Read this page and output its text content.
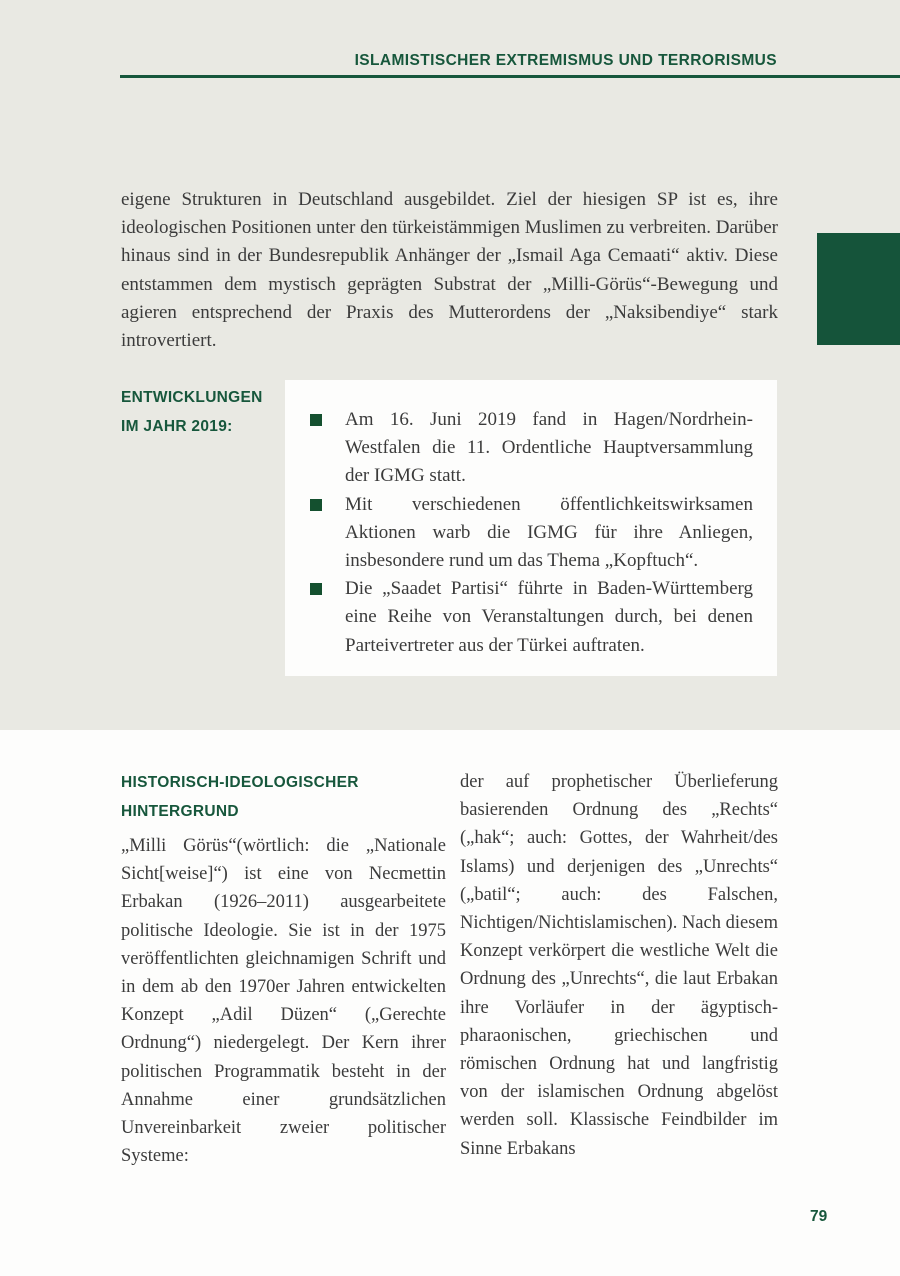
ISLAMISTISCHER EXTREMISMUS UND TERRORISMUS

eigene Strukturen in Deutschland ausgebildet. Ziel der hiesigen SP ist es, ihre ideologischen Positionen unter den türkeistämmigen Muslimen zu verbreiten. Darüber hinaus sind in der Bundesrepublik Anhänger der „Ismail Aga Cemaati“ aktiv. Diese entstammen dem mystisch geprägten Substrat der „Milli-Görüs“-Bewegung und agieren entsprechend der Praxis des Mutterordens der „Naksibendiye“ stark introvertiert.

ENTWICKLUNGEN
IM JAHR 2019:	Am 16. Juni 2019 fand in Hagen/Nordrhein-Westfalen die 11. Ordentliche Hauptversammlung der IGMG statt.
Mit verschiedenen öffentlichkeitswirksamen Aktionen warb die IGMG für ihre Anliegen, insbesondere rund um das Thema „Kopftuch“.
Die „Saadet Partisi“ führte in Baden-Württemberg eine Reihe von Veranstaltungen durch, bei denen Parteivertreter aus der Türkei auftraten.
HISTORISCH-IDEOLOGISCHER HINTERGRUND

„Milli Görüs“(wörtlich: die „Nationale Sicht[weise]“) ist eine von Necmettin Erbakan (1926–2011) ausgearbeitete politische Ideologie. Sie ist in der 1975 veröffentlichten gleichnamigen Schrift und in dem ab den 1970er Jahren entwickelten Konzept „Adil Düzen“ („Gerechte Ordnung“) niedergelegt. Der Kern ihrer politischen Programmatik besteht in der Annahme einer grundsätzlichen Unvereinbarkeit zweier politischer Systeme:

der auf prophetischer Überlieferung basierenden Ordnung des „Rechts“ („hak“; auch: Gottes, der Wahrheit/des Islams) und derjenigen des „Unrechts“ („batil“; auch: des Falschen, Nichtigen/Nichtislamischen). Nach diesem Konzept verkörpert die westliche Welt die Ordnung des „Unrechts“, die laut Erbakan ihre Vorläufer in der ägyptisch-pharaonischen, griechischen und römischen Ordnung hat und langfristig von der islamischen Ordnung abgelöst werden soll. Klassische Feindbilder im Sinne Erbakans

79
